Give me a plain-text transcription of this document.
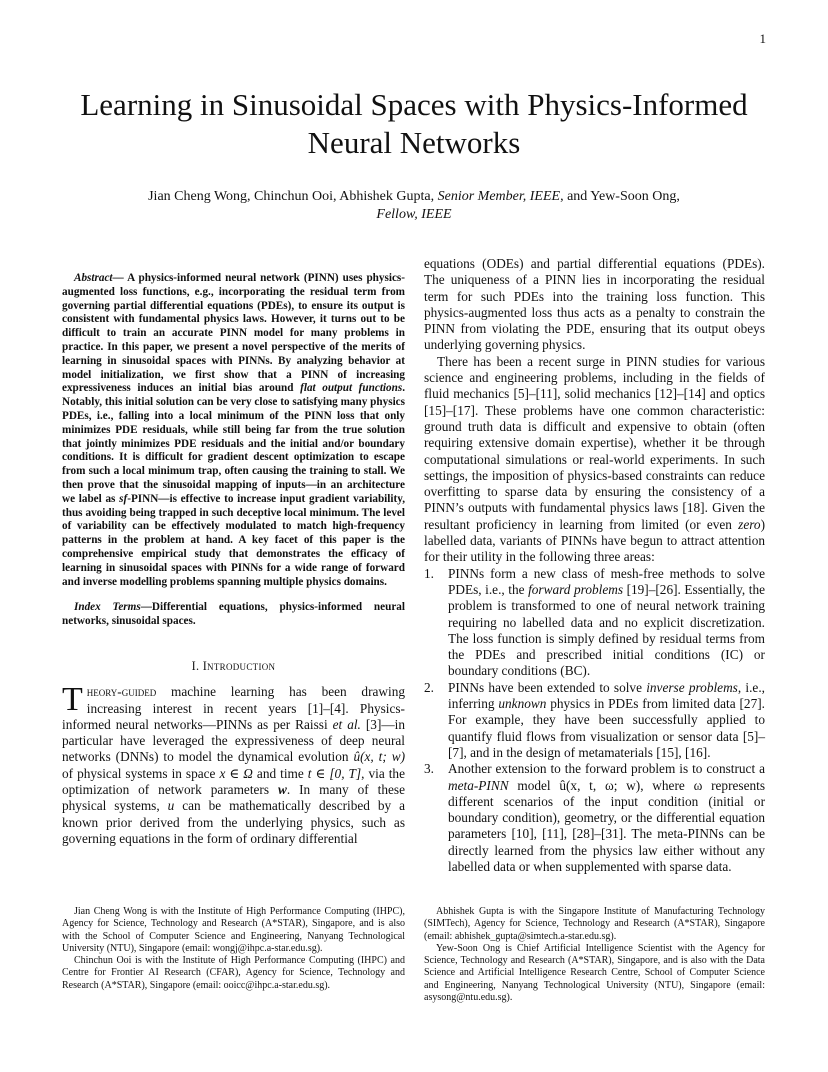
1
Learning in Sinusoidal Spaces with Physics-Informed Neural Networks
Jian Cheng Wong, Chinchun Ooi, Abhishek Gupta, Senior Member, IEEE, and Yew-Soon Ong,
Fellow, IEEE

Abstract— A physics-informed neural network (PINN) uses physics-augmented loss functions, e.g., incorporating the residual term from governing partial differential equations (PDEs), to ensure its output is consistent with fundamental physics laws. However, it turns out to be difficult to train an accurate PINN model for many problems in practice. In this paper, we present a novel perspective of the merits of learning in sinusoidal spaces with PINNs. By analyzing behavior at model initialization, we first show that a PINN of increasing expressiveness induces an initial bias around flat output functions. Notably, this initial solution can be very close to satisfying many physics PDEs, i.e., falling into a local minimum of the PINN loss that only minimizes PDE residuals, while still being far from the true solution that jointly minimizes PDE residuals and the initial and/or boundary conditions. It is difficult for gradient descent optimization to escape from such a local minimum trap, often causing the training to stall. We then prove that the sinusoidal mapping of inputs—in an architecture we label as sf-PINN—is effective to increase input gradient variability, thus avoiding being trapped in such deceptive local minimum. The level of variability can be effectively modulated to match high-frequency patterns in the problem at hand. A key facet of this paper is the comprehensive empirical study that demonstrates the efficacy of learning in sinusoidal spaces with PINNs for a wide range of forward and inverse modelling problems spanning multiple physics domains.

Index Terms—Differential equations, physics-informed neural networks, sinusoidal spaces.

I. Introduction

Theory-guided machine learning has been drawing increasing interest in recent years [1]–[4]. Physics-informed neural networks—PINNs as per Raissi et al. [3]—in particular have leveraged the expressiveness of deep neural networks (DNNs) to model the dynamical evolution û(x, t; w) of physical systems in space x ∈ Ω and time t ∈ [0, T], via the optimization of network parameters w. In many of these physical systems, u can be mathematically described by a known prior derived from the underlying physics, such as governing equations in the form of ordinary differential

equations (ODEs) and partial differential equations (PDEs). The uniqueness of a PINN lies in incorporating the residual term for such PDEs into the training loss function. This physics-augmented loss thus acts as a penalty to constrain the PINN from violating the PDE, ensuring that its output obeys underlying governing physics.

There has been a recent surge in PINN studies for various science and engineering problems, including in the fields of fluid mechanics [5]–[11], solid mechanics [12]–[14] and optics [15]–[17]. These problems have one common characteristic: ground truth data is difficult and expensive to obtain (often requiring extensive domain expertise), whether it be through computational simulations or real-world experiments. In such settings, the imposition of physics-based constraints can reduce overfitting to sparse data by ensuring the consistency of a PINN’s outputs with fundamental physics laws [18]. Given the resultant proficiency in learning from limited (or even zero) labelled data, variants of PINNs have begun to attract attention for their utility in the following three areas:

1. PINNs form a new class of mesh-free methods to solve PDEs, i.e., the forward problems [19]–[26]. Essentially, the problem is transformed to one of neural network training requiring no labelled data and no explicit discretization. The loss function is simply defined by residual terms from the PDEs and prescribed initial conditions (IC) or boundary conditions (BC).
2. PINNs have been extended to solve inverse problems, i.e., inferring unknown physics in PDEs from limited data [27]. For example, they have been successfully applied to quantify fluid flows from visualization or sensor data [5]–[7], and in the design of metamaterials [15], [16].
3. Another extension to the forward problem is to construct a meta-PINN model û(x, t, ω; w), where ω represents different scenarios of the input condition (initial or boundary condition), geometry, or the differential equation parameters [10], [11], [28]–[31]. The meta-PINNs can be directly learned from the physics law either without any labelled data or when supplemented with sparse data.

Jian Cheng Wong is with the Institute of High Performance Computing (IHPC), Agency for Science, Technology and Research (A*STAR), Singapore, and is also with the School of Computer Science and Engineering, Nanyang Technological University (NTU), Singapore (email: wongj@ihpc.a-star.edu.sg).

Chinchun Ooi is with the Institute of High Performance Computing (IHPC) and Centre for Frontier AI Research (CFAR), Agency for Science, Technology and Research (A*STAR), Singapore (email: ooicc@ihpc.a-star.edu.sg).

Abhishek Gupta is with the Singapore Institute of Manufacturing Technology (SIMTech), Agency for Science, Technology and Research (A*STAR), Singapore (email: abhishek_gupta@simtech.a-star.edu.sg).

Yew-Soon Ong is Chief Artificial Intelligence Scientist with the Agency for Science, Technology and Research (A*STAR), Singapore, and is also with the Data Science and Artificial Intelligence Research Centre, School of Computer Science and Engineering, Nanyang Technological University (NTU), Singapore (email: asysong@ntu.edu.sg).
